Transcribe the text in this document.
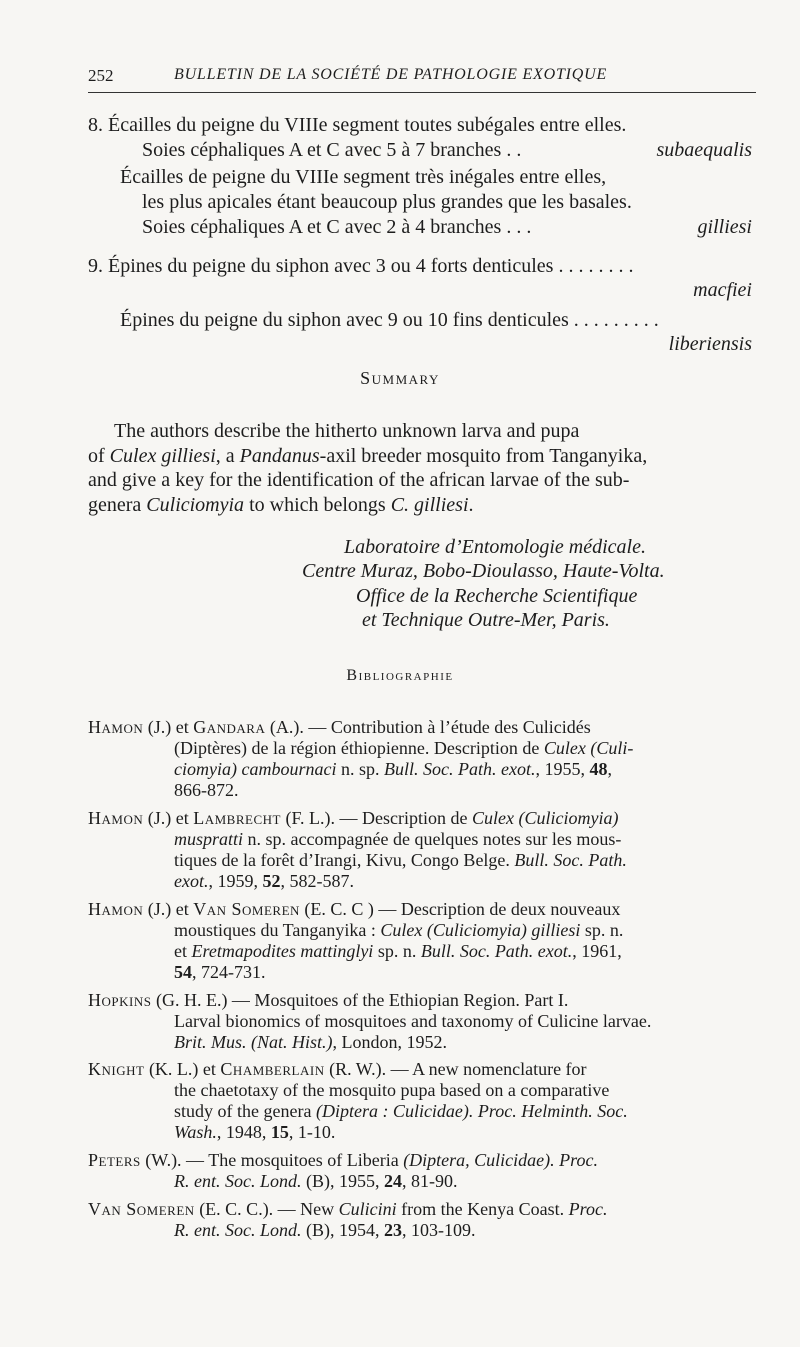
252	BULLETIN DE LA SOCIÉTÉ DE PATHOLOGIE EXOTIQUE
8. Écailles du peigne du VIIIe segment toutes subégales entre elles.
Soies céphaliques A et C avec 5 à 7 branches . .	subaequalis
Écailles de peigne du VIIIe segment très inégales entre elles,
les plus apicales étant beaucoup plus grandes que les basales.
Soies céphaliques A et C avec 2 à 4 branches . . .	gilliesi
9. Épines du peigne du siphon avec 3 ou 4 forts denticules . . . . . . . .
macfiei
Épines du peigne du siphon avec 9 ou 10 fins denticules . . . . . . . . .
liberiensis
Summary
The authors describe the hitherto unknown larva and pupa
of Culex gilliesi, a Pandanus-axil breeder mosquito from Tanganyika,
and give a key for the identification of the african larvae of the sub-
genera Culiciomyia to which belongs C. gilliesi.
Laboratoire d’Entomologie médicale.
Centre Muraz, Bobo-Dioulasso, Haute-Volta.
Office de la Recherche Scientifique
et Technique Outre-Mer, Paris.
Bibliographie
Hamon (J.) et Gandara (A.). — Contribution à l’étude des Culicidés
(Diptères) de la région éthiopienne. Description de Culex (Culi-
ciomyia) cambournaci n. sp. Bull. Soc. Path. exot., 1955, 48,
866-872.
Hamon (J.) et Lambrecht (F. L.). — Description de Culex (Culiciomyia)
muspratti n. sp. accompagnée de quelques notes sur les mous-
tiques de la forêt d’Irangi, Kivu, Congo Belge. Bull. Soc. Path.
exot., 1959, 52, 582-587.
Hamon (J.) et Van Someren (E. C. C ) — Description de deux nouveaux
moustiques du Tanganyika : Culex (Culiciomyia) gilliesi sp. n.
et Eretmapodites mattinglyi sp. n. Bull. Soc. Path. exot., 1961,
54, 724-731.
Hopkins (G. H. E.) — Mosquitoes of the Ethiopian Region. Part I.
Larval bionomics of mosquitoes and taxonomy of Culicine larvae.
Brit. Mus. (Nat. Hist.), London, 1952.
Knight (K. L.) et Chamberlain (R. W.). — A new nomenclature for
the chaetotaxy of the mosquito pupa based on a comparative
study of the genera (Diptera : Culicidae). Proc. Helminth. Soc.
Wash., 1948, 15, 1-10.
Peters (W.). — The mosquitoes of Liberia (Diptera, Culicidae). Proc.
R. ent. Soc. Lond. (B), 1955, 24, 81-90.
Van Someren (E. C. C.). — New Culicini from the Kenya Coast. Proc.
R. ent. Soc. Lond. (B), 1954, 23, 103-109.
